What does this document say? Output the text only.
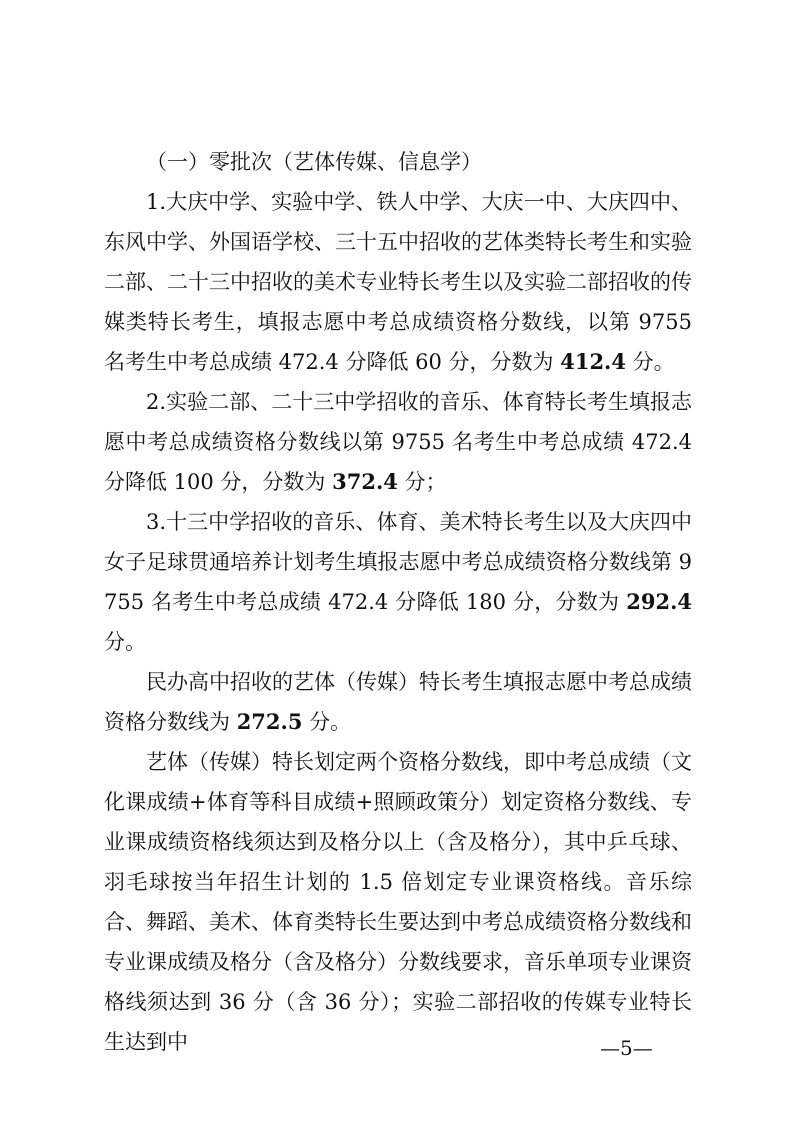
（一）零批次（艺体传媒、信息学）

1.大庆中学、实验中学、铁人中学、大庆一中、大庆四中、东风中学、外国语学校、三十五中招收的艺体类特长考生和实验二部、二十三中招收的美术专业特长考生以及实验二部招收的传媒类特长考生，填报志愿中考总成绩资格分数线，以第 9755 名考生中考总成绩 472.4 分降低 60 分，分数为 412.4 分。

2.实验二部、二十三中学招收的音乐、体育特长考生填报志愿中考总成绩资格分数线以第 9755 名考生中考总成绩 472.4 分降低 100 分，分数为 372.4 分；

3.十三中学招收的音乐、体育、美术特长考生以及大庆四中女子足球贯通培养计划考生填报志愿中考总成绩资格分数线第 9755 名考生中考总成绩 472.4 分降低 180 分，分数为 292.4 分。

民办高中招收的艺体（传媒）特长考生填报志愿中考总成绩资格分数线为 272.5 分。

艺体（传媒）特长划定两个资格分数线，即中考总成绩（文化课成绩+体育等科目成绩+照顾政策分）划定资格分数线、专业课成绩资格线须达到及格分以上（含及格分），其中乒乓球、羽毛球按当年招生计划的 1.5 倍划定专业课资格线。音乐综合、舞蹈、美术、体育类特长生要达到中考总成绩资格分数线和专业课成绩及格分（含及格分）分数线要求，音乐单项专业课资格线须达到 36 分（含 36 分）；实验二部招收的传媒专业特长生达到中	—5—
